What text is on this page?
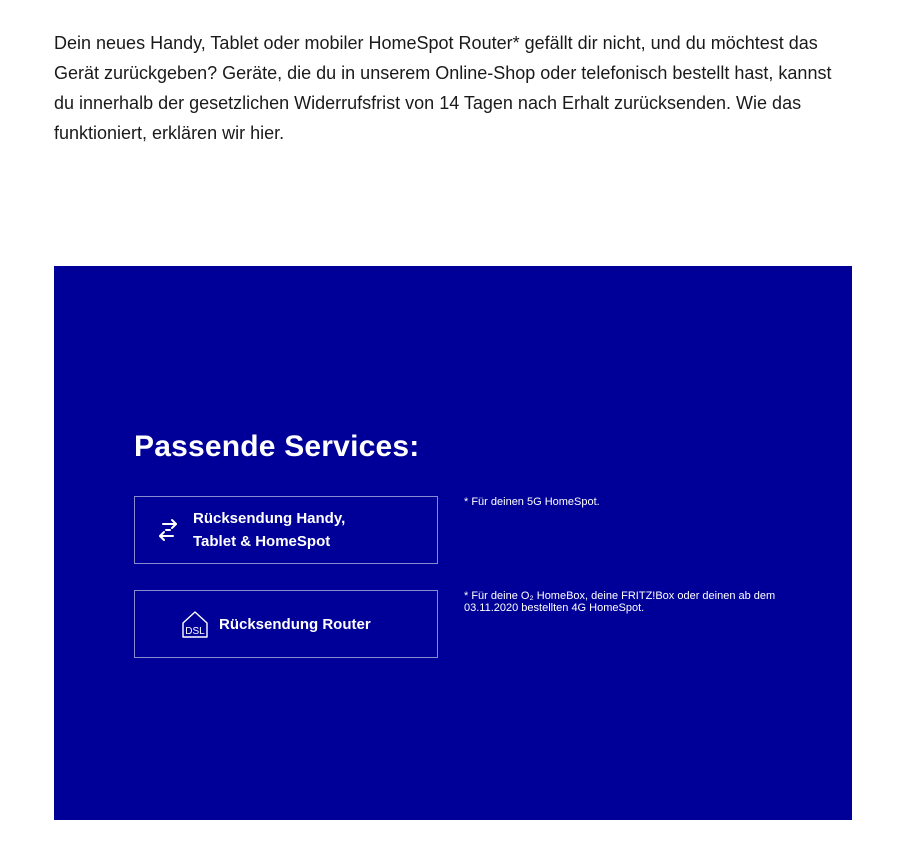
Dein neues Handy, Tablet oder mobiler HomeSpot Router* gefällt dir nicht, und du möchtest das Gerät zurückgeben? Geräte, die du in unserem Online-Shop oder telefonisch bestellt hast, kannst du innerhalb der gesetzlichen Widerrufsfrist von 14 Tagen nach Erhalt zurücksenden. Wie das funktioniert, erklären wir hier.

Passende Services:
Rücksendung Handy,
Tablet & HomeSpot

* Für deinen 5G HomeSpot.

DSL Rücksendung Router

* Für deine O₂ HomeBox, deine FRITZ!Box oder deinen ab dem 03.11.2020 bestellten 4G HomeSpot.
